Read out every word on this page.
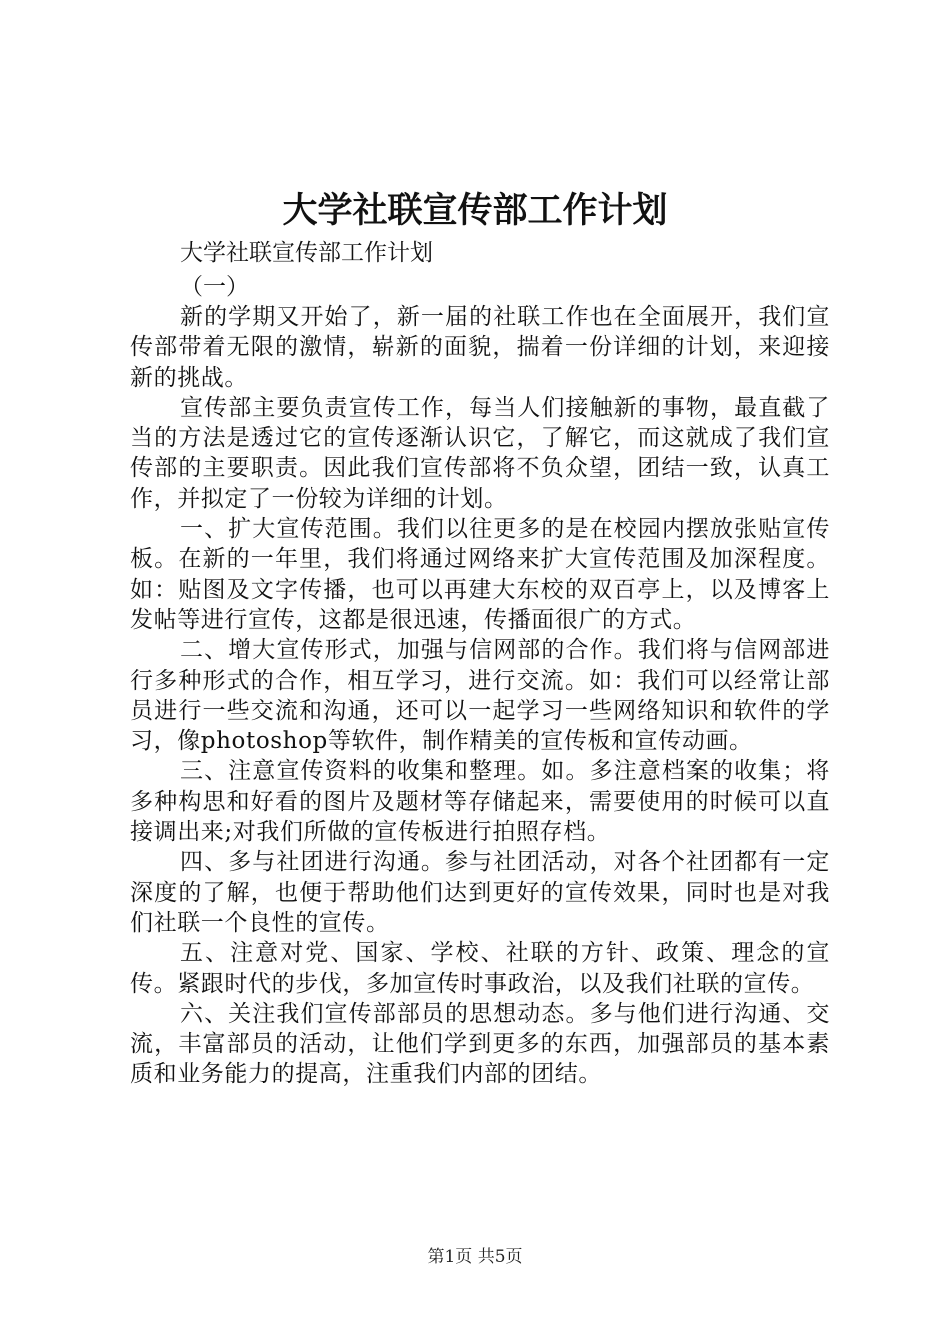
大学社联宣传部工作计划

大学社联宣传部工作计划

（一）

新的学期又开始了，新一届的社联工作也在全面展开，我们宣传部带着无限的激情，崭新的面貌，揣着一份详细的计划，来迎接新的挑战。

宣传部主要负责宣传工作，每当人们接触新的事物，最直截了当的方法是透过它的宣传逐渐认识它，了解它，而这就成了我们宣传部的主要职责。因此我们宣传部将不负众望，团结一致，认真工作，并拟定了一份较为详细的计划。

一、扩大宣传范围。我们以往更多的是在校园内摆放张贴宣传板。在新的一年里，我们将通过网络来扩大宣传范围及加深程度。如：贴图及文字传播，也可以再建大东校的双百亭上，以及博客上发帖等进行宣传，这都是很迅速，传播面很广的方式。

二、增大宣传形式，加强与信网部的合作。我们将与信网部进行多种形式的合作，相互学习，进行交流。如：我们可以经常让部员进行一些交流和沟通，还可以一起学习一些网络知识和软件的学习，像photoshop等软件，制作精美的宣传板和宣传动画。

三、注意宣传资料的收集和整理。如。多注意档案的收集；将多种构思和好看的图片及题材等存储起来，需要使用的时候可以直接调出来;对我们所做的宣传板进行拍照存档。

四、多与社团进行沟通。参与社团活动，对各个社团都有一定深度的了解，也便于帮助他们达到更好的宣传效果，同时也是对我们社联一个良性的宣传。

五、注意对党、国家、学校、社联的方针、政策、理念的宣传。紧跟时代的步伐，多加宣传时事政治，以及我们社联的宣传。

六、关注我们宣传部部员的思想动态。多与他们进行沟通、交流，丰富部员的活动，让他们学到更多的东西，加强部员的基本素质和业务能力的提高，注重我们内部的团结。

第1页 共5页
